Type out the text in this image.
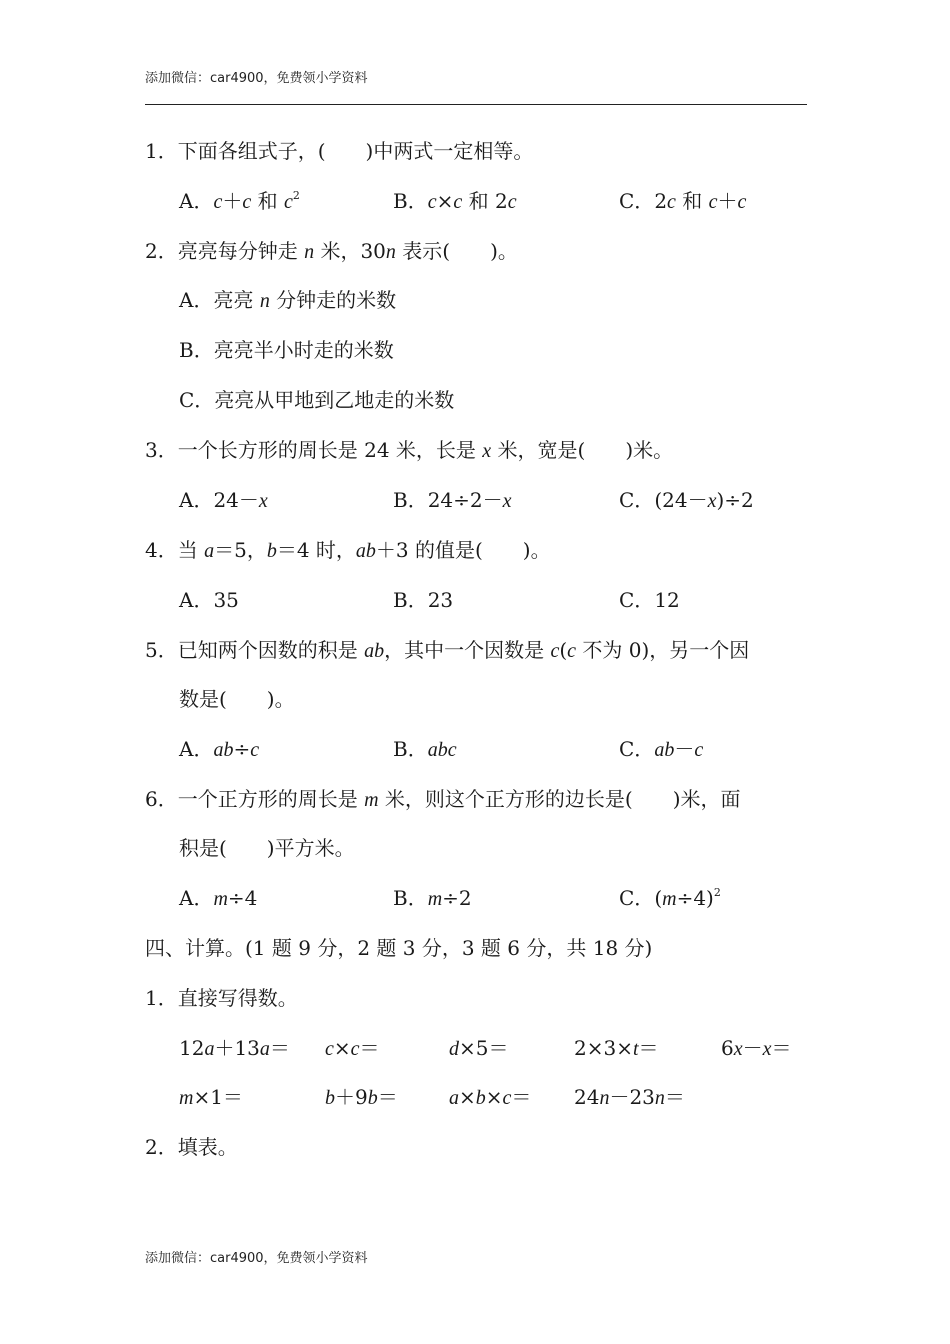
添加微信：car4900，免费领小学资料
1．下面各组式子，(　　)中两式一定相等。
A．c＋c 和 $c^2$	B．c×c 和 2c	C．2c 和 c＋c
2．亮亮每分钟走 n 米，30n 表示(　　)。
A．亮亮 n 分钟走的米数
B．亮亮半小时走的米数
C．亮亮从甲地到乙地走的米数
3．一个长方形的周长是 24 米，长是 x 米，宽是(　　)米。
A．24－x	B．24÷2－x	C．(24－x)÷2
4．当 a＝5，b＝4 时，ab＋3 的值是(　　)。
A．35	B．23	C．12
5．已知两个因数的积是 ab，其中一个因数是 c(c 不为 0)，另一个因
数是(　　)。
A．ab÷c	B．abc	C．ab－c
6．一个正方形的周长是 m 米，则这个正方形的边长是(　　)米，面
积是(　　)平方米。
A．m÷4	B．m÷2	C．$(m\div 4)^2$
四、计算。(1 题 9 分，2 题 3 分，3 题 6 分，共 18 分)
1．直接写得数。
12a＋13a＝ c×c＝	d×5＝	2×3×t＝	6x－x＝
m×1＝	b＋9b＝	a×b×c＝ 24n－23n＝
2．填表。
添加微信：car4900，免费领小学资料
